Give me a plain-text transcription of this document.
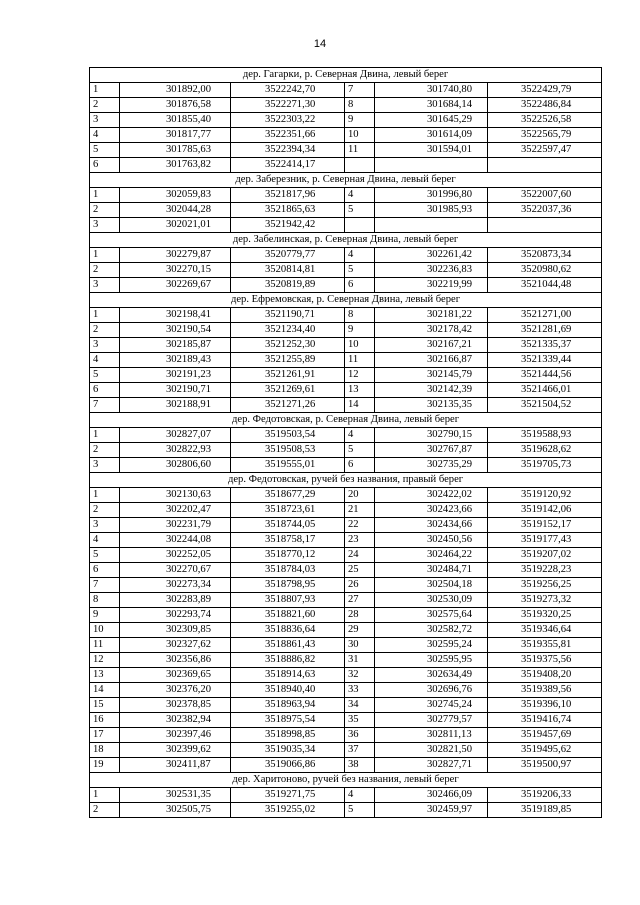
14
дер. Гагарки, р. Северная Двина, левый берег					
1	301892,00	3522242,70	7	301740,80	3522429,79
2	301876,58	3522271,30	8	301684,14	3522486,84
3	301855,40	3522303,22	9	301645,29	3522526,58
4	301817,77	3522351,66	10	301614,09	3522565,79
5	301785,63	3522394,34	11	301594,01	3522597,47
6	301763,82	3522414,17			
дер. Заберезник, р. Северная Двина, левый берег					
1	302059,83	3521817,96	4	301996,80	3522007,60
2	302044,28	3521865,63	5	301985,93	3522037,36
3	302021,01	3521942,42			
дер. Забелинская, р. Северная Двина, левый берег					
1	302279,87	3520779,77	4	302261,42	3520873,34
2	302270,15	3520814,81	5	302236,83	3520980,62
3	302269,67	3520819,89	6	302219,99	3521044,48
дер. Ефремовская, р. Северная Двина, левый берег					
1	302198,41	3521190,71	8	302181,22	3521271,00
2	302190,54	3521234,40	9	302178,42	3521281,69
3	302185,87	3521252,30	10	302167,21	3521335,37
4	302189,43	3521255,89	11	302166,87	3521339,44
5	302191,23	3521261,91	12	302145,79	3521444,56
6	302190,71	3521269,61	13	302142,39	3521466,01
7	302188,91	3521271,26	14	302135,35	3521504,52
дер. Федотовская, р. Северная Двина, левый берег					
1	302827,07	3519503,54	4	302790,15	3519588,93
2	302822,93	3519508,53	5	302767,87	3519628,62
3	302806,60	3519555,01	6	302735,29	3519705,73
дер. Федотовская, ручей без названия, правый берег					
1	302130,63	3518677,29	20	302422,02	3519120,92
2	302202,47	3518723,61	21	302423,66	3519142,06
3	302231,79	3518744,05	22	302434,66	3519152,17
4	302244,08	3518758,17	23	302450,56	3519177,43
5	302252,05	3518770,12	24	302464,22	3519207,02
6	302270,67	3518784,03	25	302484,71	3519228,23
7	302273,34	3518798,95	26	302504,18	3519256,25
8	302283,89	3518807,93	27	302530,09	3519273,32
9	302293,74	3518821,60	28	302575,64	3519320,25
10	302309,85	3518836,64	29	302582,72	3519346,64
11	302327,62	3518861,43	30	302595,24	3519355,81
12	302356,86	3518886,82	31	302595,95	3519375,56
13	302369,65	3518914,63	32	302634,49	3519408,20
14	302376,20	3518940,40	33	302696,76	3519389,56
15	302378,85	3518963,94	34	302745,24	3519396,10
16	302382,94	3518975,54	35	302779,57	3519416,74
17	302397,46	3518998,85	36	302811,13	3519457,69
18	302399,62	3519035,34	37	302821,50	3519495,62
19	302411,87	3519066,86	38	302827,71	3519500,97
дер. Харитоново, ручей без названия, левый берег					
1	302531,35	3519271,75	4	302466,09	3519206,33
2	302505,75	3519255,02	5	302459,97	3519189,85
